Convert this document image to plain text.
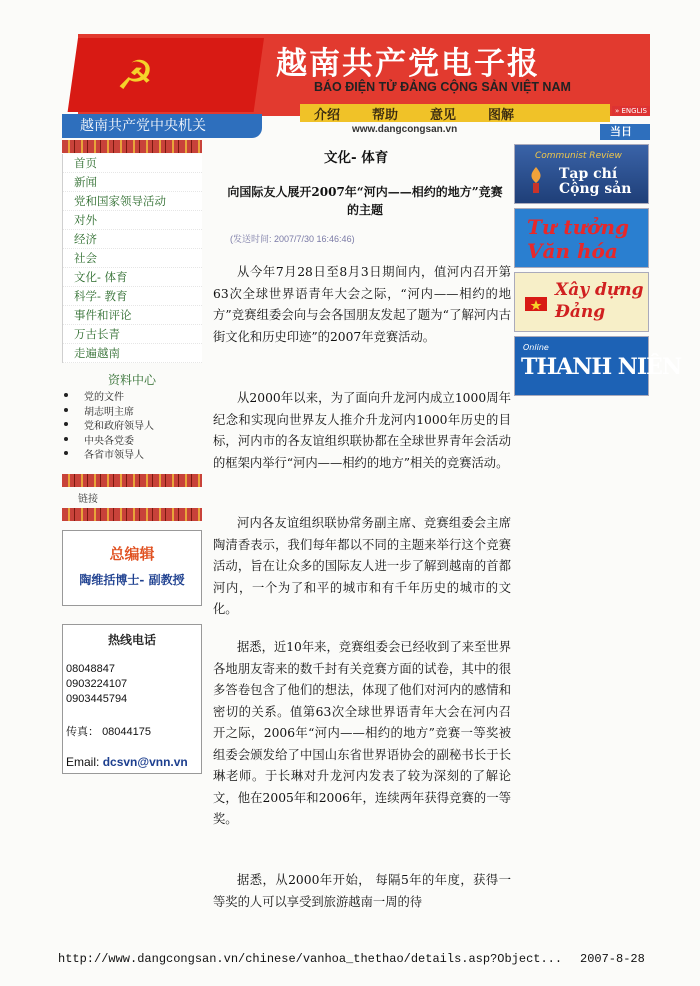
☭	越南共产党电子报
BÁO ĐIỆN TỬ ĐẢNG CỘNG SẢN VIỆT NAM
介绍 帮助 意见 图解	» ENGLIS
越南共产党中央机关	www.dangcongsan.vn	当日
首页
新闻
党和国家领导活动
对外
经济
社会
文化- 体育
科学- 教育
事件和评论
万古长青
走遍越南
资料中心
党的文件
胡志明主席
党和政府领导人
中央各党委
各省市领导人
链接
总编辑
陶维括博士- 副教授
热线电话
08048847
0903224107
0903445794
传真： 08044175
Email: dcsvn@vnn.vn
文化- 体育
向国际友人展开2007年“河内——相约的地方”竞赛的主题
(发送时间: 2007/7/30 16:46:46)

从今年7月28日至8月3日期间内，值河内召开第63次全球世界语青年大会之际，“河内——相约的地方”竞赛组委会向与会各国朋友发起了题为“了解河内古街文化和历史印迹”的2007年竞赛活动。

从2000年以来，为了面向升龙河内成立1000周年纪念和实现向世界友人推介升龙河内1000年历史的目标，河内市的各友谊组织联协都在全球世界青年会活动的框架内举行“河内——相约的地方”相关的竞赛活动。

河内各友谊组织联协常务副主席、竞赛组委会主席陶清香表示，我们每年都以不同的主题来举行这个竞赛活动，旨在让众多的国际友人进一步了解到越南的首都河内，一个为了和平的城市和有千年历史的城市的文化。

据悉，近10年来，竞赛组委会已经收到了来至世界各地朋友寄来的数千封有关竞赛方面的试卷，其中的很多答卷包含了他们的想法，体现了他们对河内的感情和密切的关系。值第63次全球世界语青年大会在河内召开之际，2006年“河内——相约的地方”竞赛一等奖被组委会颁发给了中国山东省世界语协会的副秘书长于长琳老师。于长琳对升龙河内发表了较为深刻的了解论文，他在2005年和2006年，连续两年获得竞赛的一等奖。

据悉，从2000年开始， 每隔5年的年度，获得一等奖的人可以享受到旅游越南一周的待

Communist Review
Tạp chí Cộng sản
Tư tưởng Văn hóa
Xây dựng Đảng
Online
THANH NIÊN
http://www.dangcongsan.vn/chinese/vanhoa_thethao/details.asp?Object... 2007-8-28
